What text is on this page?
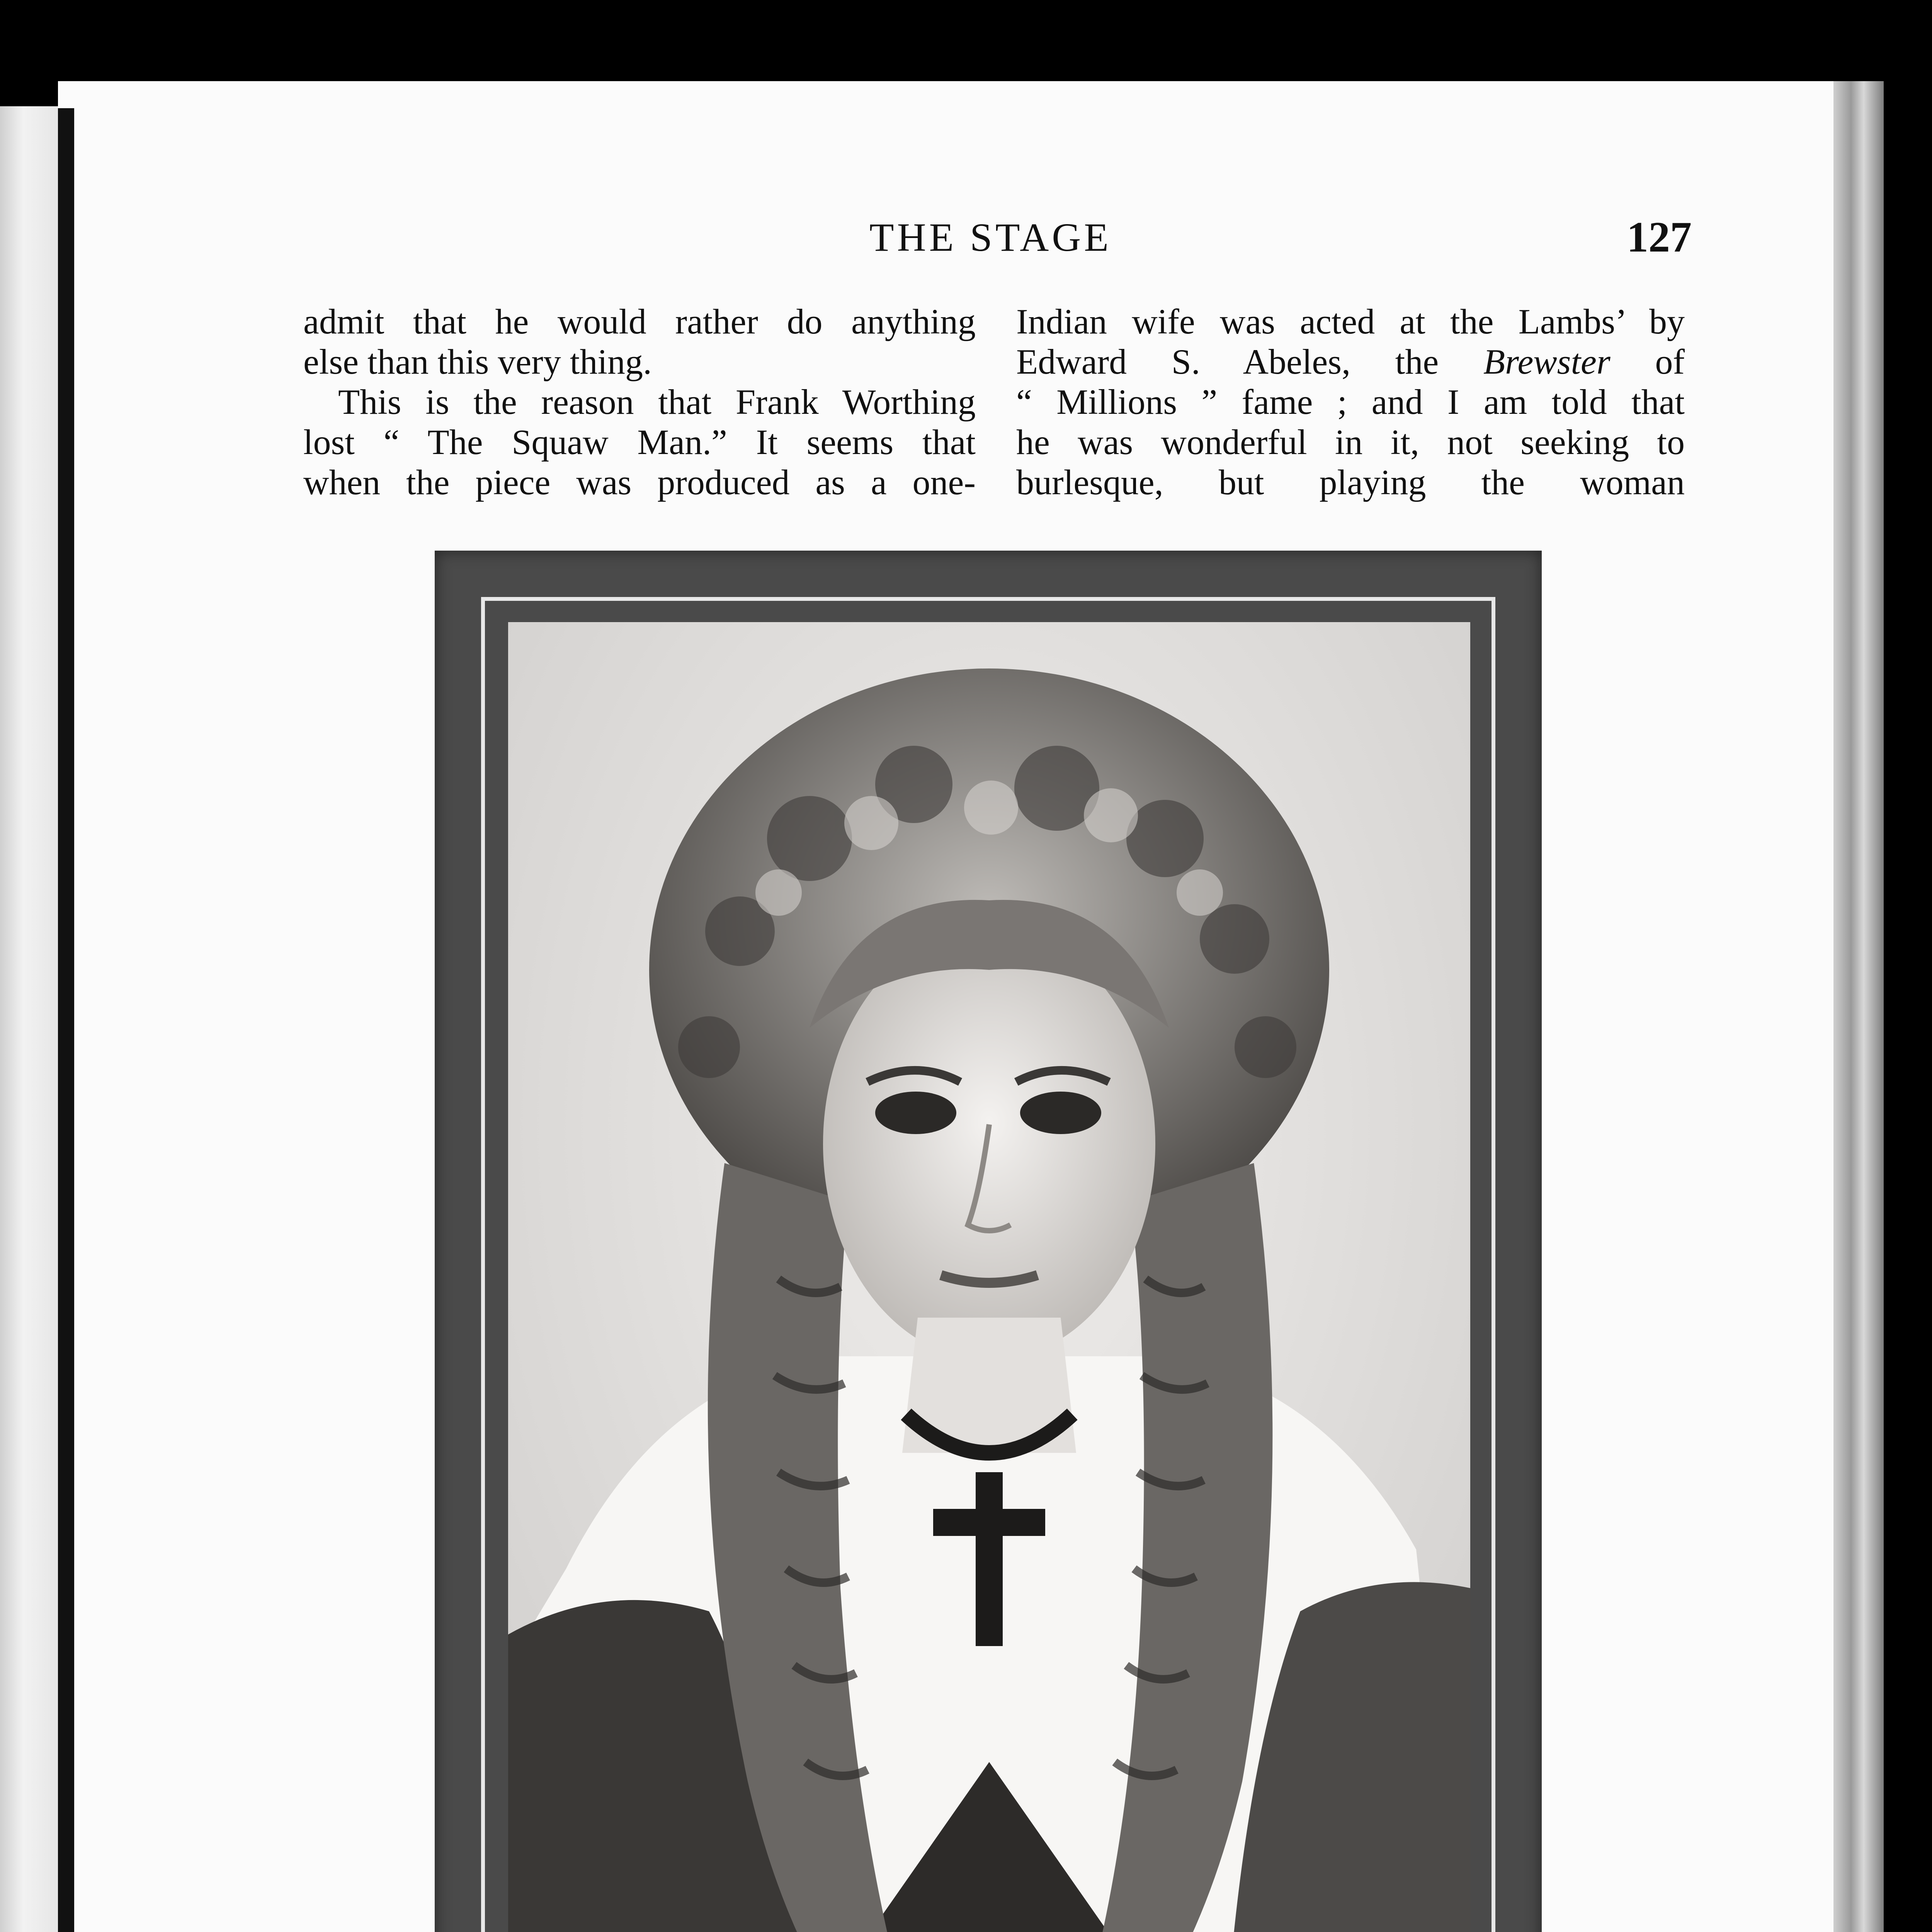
THE STAGE	127

admit that he would rather do anything

else than this very thing.

This is the reason that Frank Worthing

lost “ The Squaw Man.” It seems that

when the piece was produced as a one-

Indian wife was acted at the Lambs’ by

Edward S. Abeles, the Brewster of

“ Millions ” fame ; and I am told that

he was wonderful in it, not seeking to

burlesque, but playing the woman
